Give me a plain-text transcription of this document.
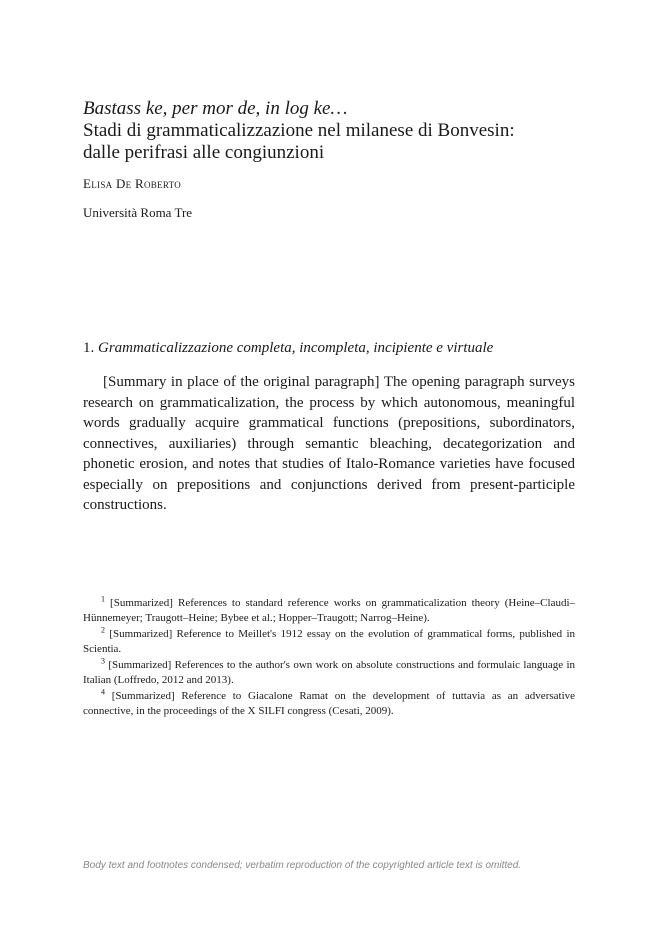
Bastass ke, per mor de, in log ke…

Stadi di grammaticalizzazione nel milanese di Bonvesin:

dalle perifrasi alle congiunzioni

Elisa De Roberto
Università Roma Tre
1. Grammaticalizzazione completa, incompleta, incipiente e virtuale

[Summary in place of the original paragraph] The opening paragraph surveys research on grammaticalization, the process by which autonomous, meaningful words gradually acquire grammatical functions (prepositions, subordinators, connectives, auxiliaries) through semantic bleaching, decategorization and phonetic erosion, and notes that studies of Italo-Romance varieties have focused especially on prepositions and conjunctions derived from present-participle constructions.

$^1$ [Summarized] References to standard reference works on grammaticalization theory (Heine–Claudi–Hünnemeyer; Traugott–Heine; Bybee et al.; Hopper–Traugott; Narrog–Heine).

$^2$ [Summarized] Reference to Meillet's 1912 essay on the evolution of grammatical forms, published in Scientia.

$^3$ [Summarized] References to the author's own work on absolute constructions and formulaic language in Italian (Loffredo, 2012 and 2013).

$^4$ [Summarized] Reference to Giacalone Ramat on the development of tuttavia as an adversative connective, in the proceedings of the X SILFI congress (Cesati, 2009).

Body text and footnotes condensed; verbatim reproduction of the copyrighted article text is omitted.
